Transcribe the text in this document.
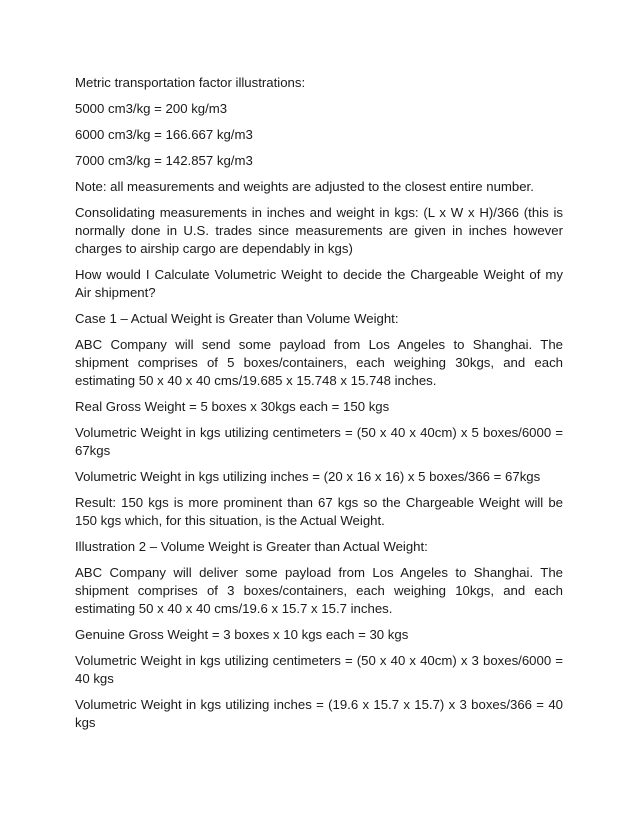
Metric transportation factor illustrations:

5000 cm3/kg = 200 kg/m3

6000 cm3/kg = 166.667 kg/m3

7000 cm3/kg = 142.857 kg/m3

Note: all measurements and weights are adjusted to the closest entire number.

Consolidating measurements in inches and weight in kgs: (L x W x H)/366 (this is normally done in U.S. trades since measurements are given in inches however charges to airship cargo are dependably in kgs)

How would I Calculate Volumetric Weight to decide the Chargeable Weight of my Air shipment?

Case 1 – Actual Weight is Greater than Volume Weight:

ABC Company will send some payload from Los Angeles to Shanghai. The shipment comprises of 5 boxes/containers, each weighing 30kgs, and each estimating 50 x 40 x 40 cms/19.685 x 15.748 x 15.748 inches.

Real Gross Weight = 5 boxes x 30kgs each = 150 kgs

Volumetric Weight in kgs utilizing centimeters = (50 x 40 x 40cm) x 5 boxes/6000 = 67kgs

Volumetric Weight in kgs utilizing inches = (20 x 16 x 16) x 5 boxes/366 = 67kgs

Result: 150 kgs is more prominent than 67 kgs so the Chargeable Weight will be 150 kgs which, for this situation, is the Actual Weight.

Illustration 2 – Volume Weight is Greater than Actual Weight:

ABC Company will deliver some payload from Los Angeles to Shanghai. The shipment comprises of 3 boxes/containers, each weighing 10kgs, and each estimating 50 x 40 x 40 cms/19.6 x 15.7 x 15.7 inches.

Genuine Gross Weight = 3 boxes x 10 kgs each = 30 kgs

Volumetric Weight in kgs utilizing centimeters = (50 x 40 x 40cm) x 3 boxes/6000 = 40 kgs

Volumetric Weight in kgs utilizing inches = (19.6 x 15.7 x 15.7) x 3 boxes/366 = 40 kgs
